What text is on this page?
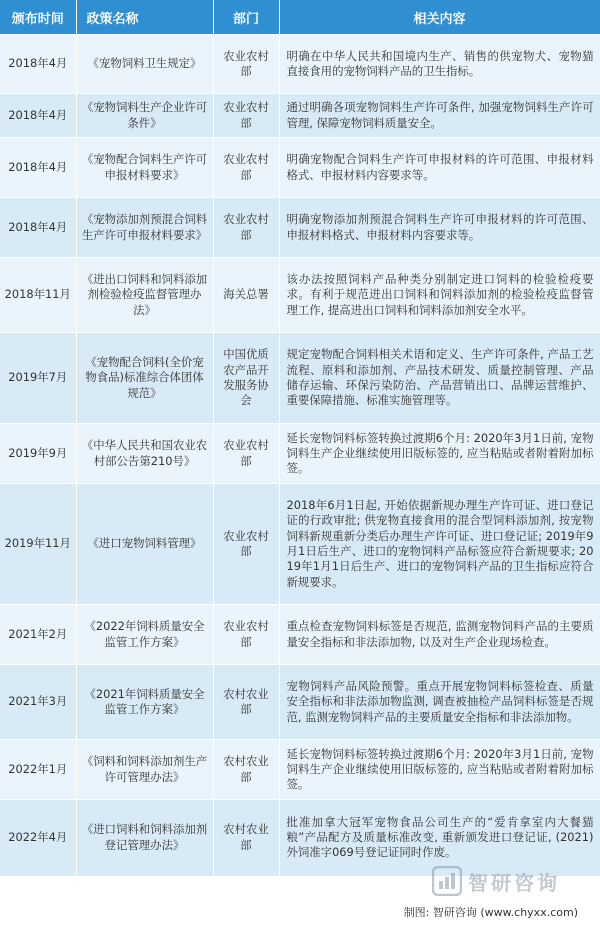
颁布时间	政策名称	部门	相关内容
2018年4月	《宠物饲料卫生规定》	农业农村部	明确在中华人民共和国境内生产、销售的供宠物犬、宠物猫直接食用的宠物饲料产品的卫生指标。
2018年4月	《宠物饲料生产企业许可条件》	农业农村部	通过明确各项宠物饲料生产许可条件, 加强宠物饲料生产许可管理, 保障宠物饲料质量安全。
2018年4月	《宠物配合饲料生产许可申报材料要求》	农业农村部	明确宠物配合饲料生产许可申报材料的许可范围、申报材料格式、申报材料内容要求等。
2018年4月	《宠物添加剂预混合饲料生产许可申报材料要求》	农业农村部	明确宠物添加剂预混合饲料生产许可申报材料的许可范围、申报材料格式、申报材料内容要求等。
2018年11月	《进出口饲料和饲料添加剂检验检疫监督管理办法》	海关总署	该办法按照饲料产品种类分别制定进口饲料的检验检疫要求。有利于规范进出口饲料和饲料添加剂的检验检疫监督管理工作, 提高进出口饲料和饲料添加剂安全水平。
2019年7月	《宠物配合饲料(全价宠物食品)标准综合体团体规范》	中国优质农产品开发服务协会	规定宠物配合饲料相关术语和定义、生产许可条件, 产品工艺流程、原料和添加剂、产品技术研发、质量控制管理、产品储存运输、环保污染防治、产品营销出口、品牌运营维护、重要保障措施、标准实施管理等。
2019年9月	《中华人民共和国农业农村部公告第210号》	农业农村部	延长宠物饲料标签转换过渡期6个月: 2020年3月1日前, 宠物饲料生产企业继续使用旧版标签的, 应当粘贴或者附着附加标签。
2019年11月	《进口宠物饲料管理》	农业农村部	2018年6月1日起, 开始依据新规办理生产许可证、进口登记证的行政审批; 供宠物直接食用的混合型饲料添加剂, 按宠物饲料新规重新分类后办理生产许可证、进口登记证; 2019年9月1日后生产、进口的宠物饲料产品标签应符合新规要求; 2019年1月1日后生产、进口的宠物饲料产品的卫生指标应符合新规要求。
2021年2月	《2022年饲料质量安全监管工作方案》	农业农村部	重点检查宠物饲料标签是否规范, 监测宠物饲料产品的主要质量安全指标和非法添加物, 以及对生产企业现场检查。
2021年3月	《2021年饲料质量安全监管工作方案》	农村农业部	宠物饲料产品风险预警。重点开展宠物饲料标签检查、质量安全指标和非法添加物监测, 调查被抽检产品饲料标签是否规范, 监测宠物饲料产品的主要质量安全指标和非法添加物。
2022年1月	《饲料和饲料添加剂生产许可管理办法》	农村农业部	延长宠物饲料标签转换过渡期6个月: 2020年3月1日前, 宠物饲料生产企业继续使用旧版标签的, 应当粘贴或者附着附加标签。
2022年4月	《进口饲料和饲料添加剂登记管理办法》	农村农业部	批准加拿大冠军宠物食品公司生产的“爱肯拿室内大餐猫粮”产品配方及质量标准改变, 重新颁发进口登记证, (2021) 外饲准字069号登记证同时作废。
智研咨询
制图: 智研咨询 (www.chyxx.com)
